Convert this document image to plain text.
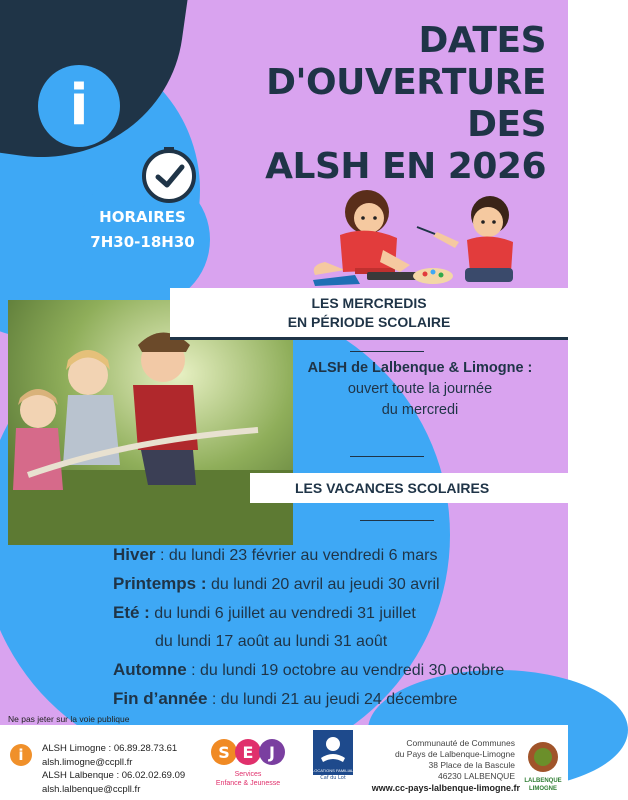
i
DATES
D'OUVERTURE DES
ALSH EN 2026
HORAIRES
7H30-18H30
LES MERCREDIS
EN PÉRIODE SCOLAIRE
ALSH de Lalbenque & Limogne :
ouvert toute la journée
du mercredi
LES VACANCES SCOLAIRES
Hiver : du lundi 23 février au vendredi 6 mars
Printemps : du lundi 20 avril au jeudi 30 avril
Eté : du lundi 6 juillet au vendredi 31 juillet
du lundi 17 août au lundi 31 août
Automne : du lundi 19 octobre au vendredi 30 octobre
Fin d’année : du lundi 21 au jeudi 24 décembre
Ne pas jeter sur la voie publique
i	ALSH Limogne : 06.89.28.73.61
alsh.limogne@ccpll.fr
ALSH Lalbenque : 06.02.02.69.09
alsh.lalbenque@ccpll.fr
S E J
Services
Enfance & Jeunesse
ALLOCATIONS FAMILIALES
Caf du Lot
Communauté de Communes
du Pays de Lalbenque-Limogne
38 Place de la Bascule
46230 LALBENQUE
www.cc-pays-lalbenque-limogne.fr
LALBENQUE
LIMOGNE
